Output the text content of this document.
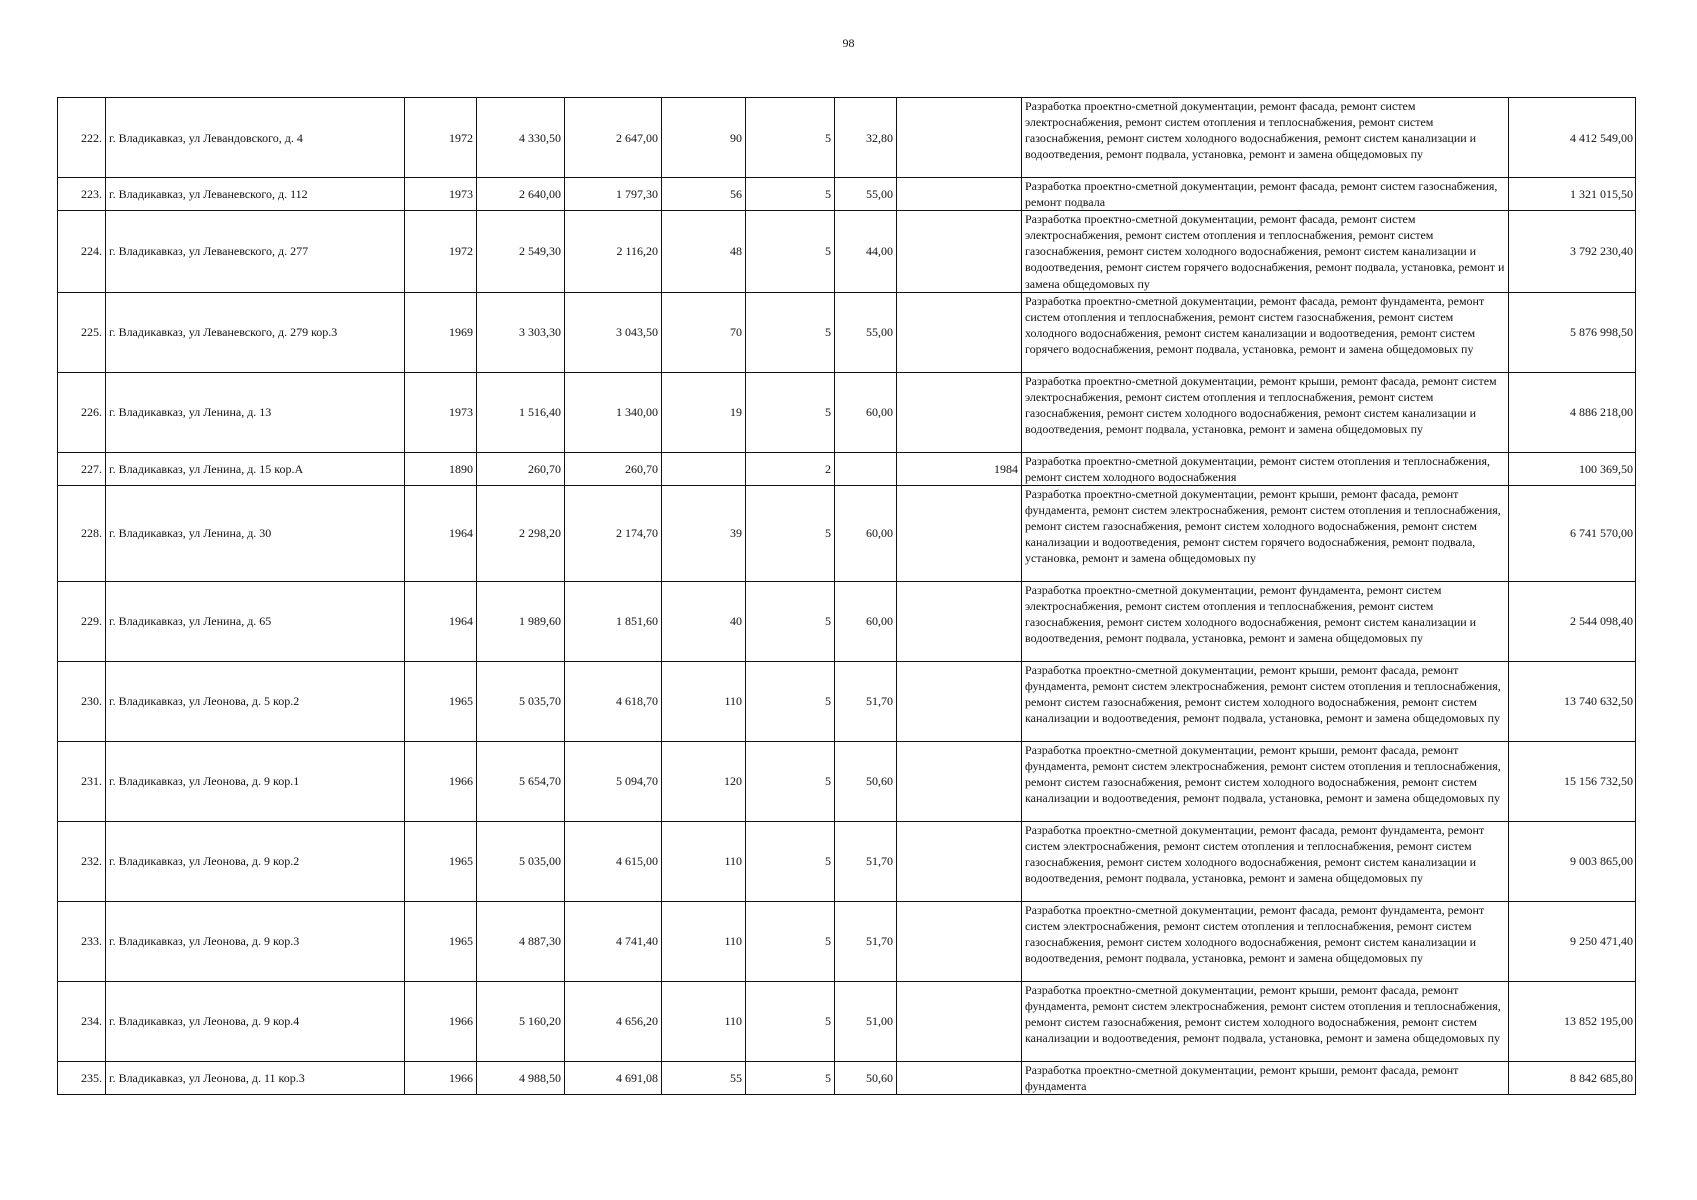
98
222.	г. Владикавказ, ул Левандовского, д. 4	1972	4 330,50	2 647,00	90	5	32,80		Разработка проектно-сметной документации, ремонт фасада, ремонт систем электроснабжения, ремонт систем отопления и теплоснабжения, ремонт систем газоснабжения, ремонт систем холодного водоснабжения, ремонт систем канализации и водоотведения, ремонт подвала, установка, ремонт и замена общедомовых пу	4 412 549,00
223.	г. Владикавказ, ул Леваневского, д. 112	1973	2 640,00	1 797,30	56	5	55,00		Разработка проектно-сметной документации, ремонт фасада, ремонт систем газоснабжения, ремонт подвала	1 321 015,50
224.	г. Владикавказ, ул Леваневского, д. 277	1972	2 549,30	2 116,20	48	5	44,00		Разработка проектно-сметной документации, ремонт фасада, ремонт систем электроснабжения, ремонт систем отопления и теплоснабжения, ремонт систем газоснабжения, ремонт систем холодного водоснабжения, ремонт систем канализации и водоотведения, ремонт систем горячего водоснабжения, ремонт подвала, установка, ремонт и замена общедомовых пу	3 792 230,40
225.	г. Владикавказ, ул Леваневского, д. 279 кор.3	1969	3 303,30	3 043,50	70	5	55,00		Разработка проектно-сметной документации, ремонт фасада, ремонт фундамента, ремонт систем отопления и теплоснабжения, ремонт систем газоснабжения, ремонт систем холодного водоснабжения, ремонт систем канализации и водоотведения, ремонт систем горячего водоснабжения, ремонт подвала, установка, ремонт и замена общедомовых пу	5 876 998,50
226.	г. Владикавказ, ул Ленина, д. 13	1973	1 516,40	1 340,00	19	5	60,00		Разработка проектно-сметной документации, ремонт крыши, ремонт фасада, ремонт систем электроснабжения, ремонт систем отопления и теплоснабжения, ремонт систем газоснабжения, ремонт систем холодного водоснабжения, ремонт систем канализации и водоотведения, ремонт подвала, установка, ремонт и замена общедомовых пу	4 886 218,00
227.	г. Владикавказ, ул Ленина, д. 15 кор.А	1890	260,70	260,70		2		1984	Разработка проектно-сметной документации, ремонт систем отопления и теплоснабжения, ремонт систем холодного водоснабжения	100 369,50
228.	г. Владикавказ, ул Ленина, д. 30	1964	2 298,20	2 174,70	39	5	60,00		Разработка проектно-сметной документации, ремонт крыши, ремонт фасада, ремонт фундамента, ремонт систем электроснабжения, ремонт систем отопления и теплоснабжения, ремонт систем газоснабжения, ремонт систем холодного водоснабжения, ремонт систем канализации и водоотведения, ремонт систем горячего водоснабжения, ремонт подвала, установка, ремонт и замена общедомовых пу	6 741 570,00
229.	г. Владикавказ, ул Ленина, д. 65	1964	1 989,60	1 851,60	40	5	60,00		Разработка проектно-сметной документации, ремонт фундамента, ремонт систем электроснабжения, ремонт систем отопления и теплоснабжения, ремонт систем газоснабжения, ремонт систем холодного водоснабжения, ремонт систем канализации и водоотведения, ремонт подвала, установка, ремонт и замена общедомовых пу	2 544 098,40
230.	г. Владикавказ, ул Леонова, д. 5 кор.2	1965	5 035,70	4 618,70	110	5	51,70		Разработка проектно-сметной документации, ремонт крыши, ремонт фасада, ремонт фундамента, ремонт систем электроснабжения, ремонт систем отопления и теплоснабжения, ремонт систем газоснабжения, ремонт систем холодного водоснабжения, ремонт систем канализации и водоотведения, ремонт подвала, установка, ремонт и замена общедомовых пу	13 740 632,50
231.	г. Владикавказ, ул Леонова, д. 9 кор.1	1966	5 654,70	5 094,70	120	5	50,60		Разработка проектно-сметной документации, ремонт крыши, ремонт фасада, ремонт фундамента, ремонт систем электроснабжения, ремонт систем отопления и теплоснабжения, ремонт систем газоснабжения, ремонт систем холодного водоснабжения, ремонт систем канализации и водоотведения, ремонт подвала, установка, ремонт и замена общедомовых пу	15 156 732,50
232.	г. Владикавказ, ул Леонова, д. 9 кор.2	1965	5 035,00	4 615,00	110	5	51,70		Разработка проектно-сметной документации, ремонт фасада, ремонт фундамента, ремонт систем электроснабжения, ремонт систем отопления и теплоснабжения, ремонт систем газоснабжения, ремонт систем холодного водоснабжения, ремонт систем канализации и водоотведения, ремонт подвала, установка, ремонт и замена общедомовых пу	9 003 865,00
233.	г. Владикавказ, ул Леонова, д. 9 кор.3	1965	4 887,30	4 741,40	110	5	51,70		Разработка проектно-сметной документации, ремонт фасада, ремонт фундамента, ремонт систем электроснабжения, ремонт систем отопления и теплоснабжения, ремонт систем газоснабжения, ремонт систем холодного водоснабжения, ремонт систем канализации и водоотведения, ремонт подвала, установка, ремонт и замена общедомовых пу	9 250 471,40
234.	г. Владикавказ, ул Леонова, д. 9 кор.4	1966	5 160,20	4 656,20	110	5	51,00		Разработка проектно-сметной документации, ремонт крыши, ремонт фасада, ремонт фундамента, ремонт систем электроснабжения, ремонт систем отопления и теплоснабжения, ремонт систем газоснабжения, ремонт систем холодного водоснабжения, ремонт систем канализации и водоотведения, ремонт подвала, установка, ремонт и замена общедомовых пу	13 852 195,00
235.	г. Владикавказ, ул Леонова, д. 11 кор.3	1966	4 988,50	4 691,08	55	5	50,60		Разработка проектно-сметной документации, ремонт крыши, ремонт фасада, ремонт фундамента	8 842 685,80
